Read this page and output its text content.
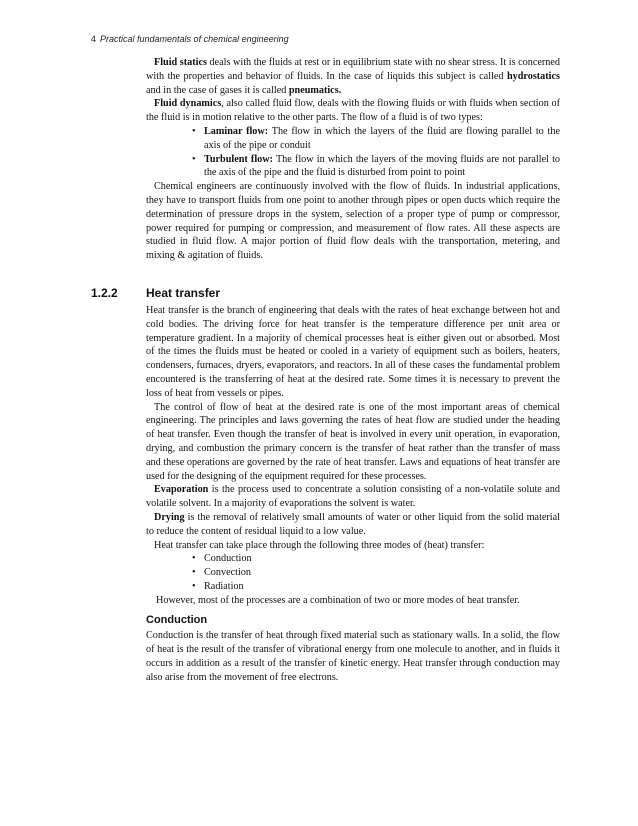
4 Practical fundamentals of chemical engineering

Fluid statics deals with the fluids at rest or in equilibrium state with no shear stress. It is concerned with the properties and behavior of fluids. In the case of liquids this subject is called hydrostatics and in the case of gases it is called pneumatics.

Fluid dynamics, also called fluid flow, deals with the flowing fluids or with fluids when section of the fluid is in motion relative to the other parts. The flow of a fluid is of two types:

• Laminar flow: The flow in which the layers of the fluid are flowing parallel to the axis of the pipe or conduit
• Turbulent flow: The flow in which the layers of the moving fluids are not parallel to the axis of the pipe and the fluid is disturbed from point to point

Chemical engineers are continuously involved with the flow of fluids. In industrial applications, they have to transport fluids from one point to another through pipes or open ducts which require the determination of pressure drops in the system, selection of a proper type of pump or compressor, power required for pumping or compression, and measurement of flow rates. All these aspects are studied in fluid flow. A major portion of fluid flow deals with the transportation, metering, and mixing & agitation of fluids.

1.2.2 Heat transfer

Heat transfer is the branch of engineering that deals with the rates of heat exchange between hot and cold bodies. The driving force for heat transfer is the temperature difference per unit area or temperature gradient. In a majority of chemical processes heat is either given out or absorbed. Most of the times the fluids must be heated or cooled in a variety of equipment such as boilers, heaters, condensers, furnaces, dryers, evaporators, and reactors. In all of these cases the fundamental problem encountered is the transferring of heat at the desired rate. Some times it is necessary to prevent the loss of heat from vessels or pipes.

The control of flow of heat at the desired rate is one of the most important areas of chemical engineering. The principles and laws governing the rates of heat flow are studied under the heading of heat transfer. Even though the transfer of heat is involved in every unit operation, in evaporation, drying, and combustion the primary concern is the transfer of heat rather than the transfer of mass and these operations are governed by the rate of heat transfer. Laws and equations of heat transfer are used for the designing of the equipment required for these processes.

Evaporation is the process used to concentrate a solution consisting of a non-volatile solute and volatile solvent. In a majority of evaporations the solvent is water.

Drying is the removal of relatively small amounts of water or other liquid from the solid material to reduce the content of residual liquid to a low value.

Heat transfer can take place through the following three modes of (heat) transfer:

• Conduction
• Convection
• Radiation

However, most of the processes are a combination of two or more modes of heat transfer.

Conduction

Conduction is the transfer of heat through fixed material such as stationary walls. In a solid, the flow of heat is the result of the transfer of vibrational energy from one molecule to another, and in fluids it occurs in addition as a result of the transfer of kinetic energy. Heat transfer through conduction may also arise from the movement of free electrons.
